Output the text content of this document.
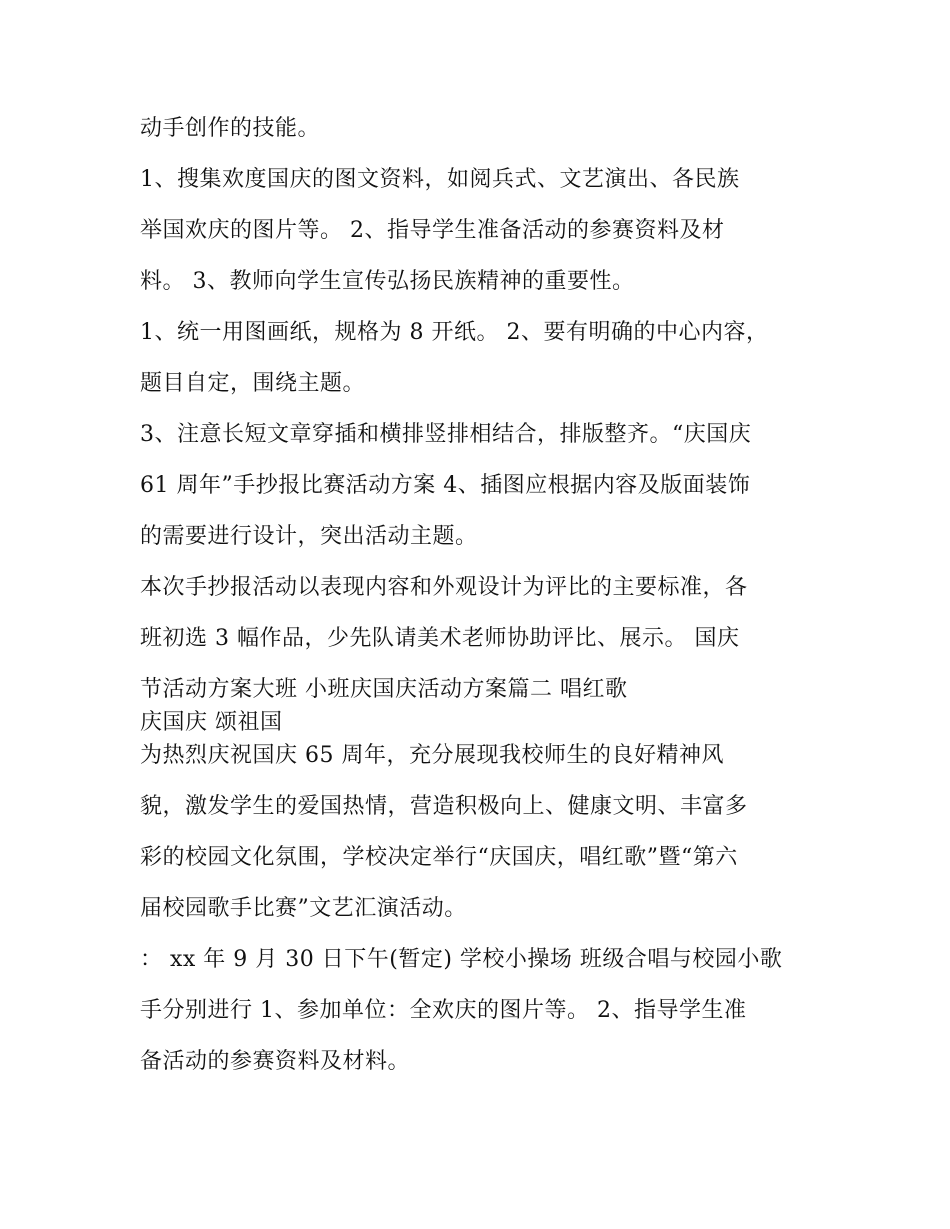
动手创作的技能。
1、搜集欢度国庆的图文资料，如阅兵式、文艺演出、各民族
举国欢庆的图片等。 2、指导学生准备活动的参赛资料及材
料。 3、教师向学生宣传弘扬民族精神的重要性。
1、统一用图画纸，规格为 8 开纸。 2、要有明确的中心内容，
题目自定，围绕主题。
3、注意长短文章穿插和横排竖排相结合，排版整齐。“庆国庆
61 周年”手抄报比赛活动方案 4、插图应根据内容及版面装饰
的需要进行设计，突出活动主题。
本次手抄报活动以表现内容和外观设计为评比的主要标准，各
班初选 3 幅作品，少先队请美术老师协助评比、展示。 国庆
节活动方案大班 小班庆国庆活动方案篇二 唱红歌
庆国庆 颂祖国
为热烈庆祝国庆 65 周年，充分展现我校师生的良好精神风
貌，激发学生的爱国热情，营造积极向上、健康文明、丰富多
彩的校园文化氛围，学校决定举行“庆国庆，唱红歌”暨“第六
届校园歌手比赛”文艺汇演活动。
： xx 年 9 月 30 日下午(暂定) 学校小操场 班级合唱与校园小歌
手分别进行 1、参加单位：全欢庆的图片等。 2、指导学生准
备活动的参赛资料及材料。
